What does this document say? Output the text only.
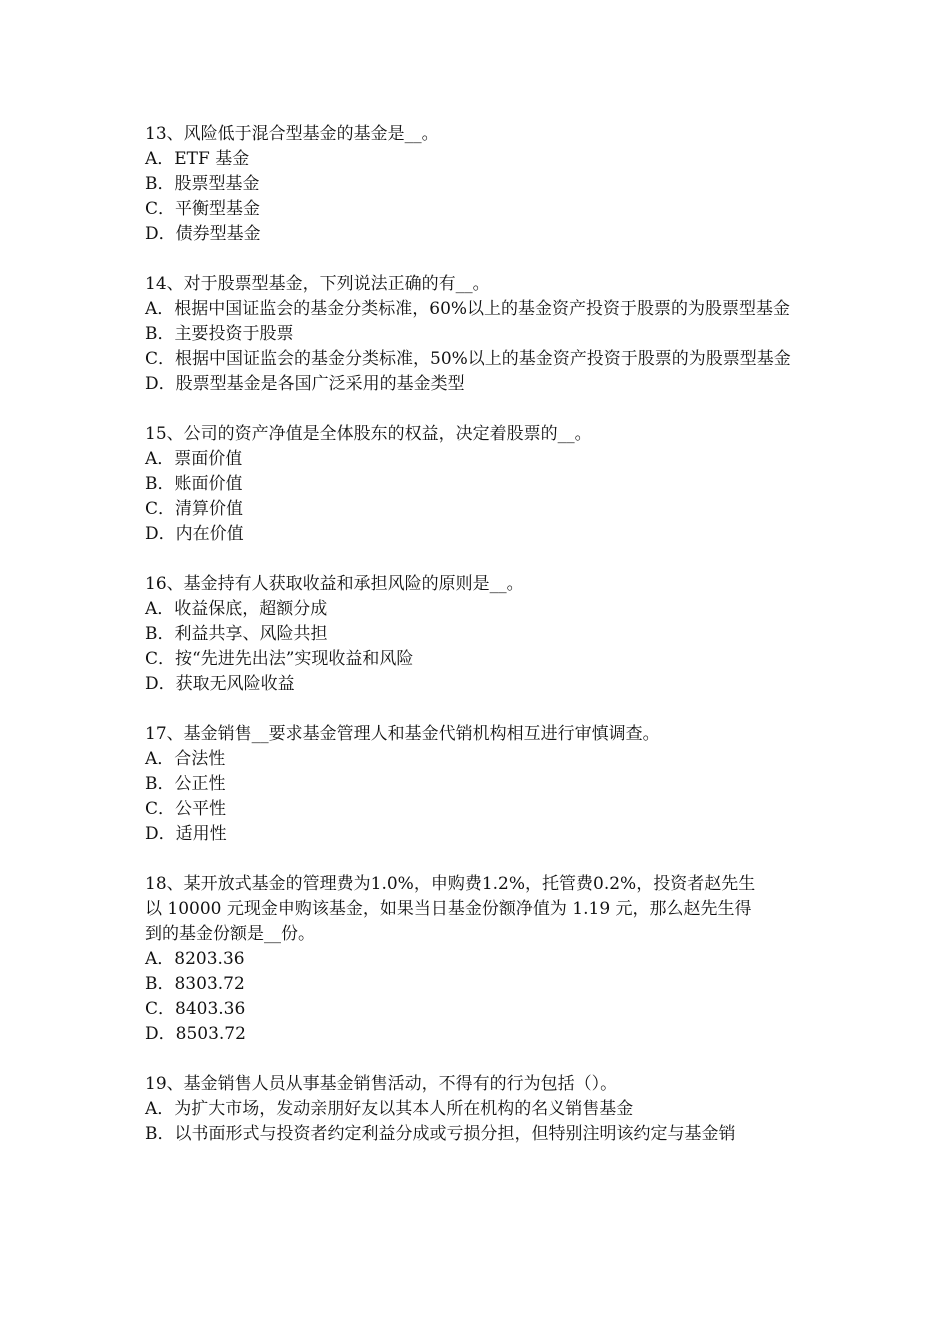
13、风险低于混合型基金的基金是__。
A．ETF 基金
B．股票型基金
C．平衡型基金
D．债券型基金
14、对于股票型基金，下列说法正确的有__。
A．根据中国证监会的基金分类标准，60%以上的基金资产投资于股票的为股票型基金
B．主要投资于股票
C．根据中国证监会的基金分类标准，50%以上的基金资产投资于股票的为股票型基金
D．股票型基金是各国广泛采用的基金类型
15、公司的资产净值是全体股东的权益，决定着股票的__。
A．票面价值
B．账面价值
C．清算价值
D．内在价值
16、基金持有人获取收益和承担风险的原则是__。
A．收益保底，超额分成
B．利益共享、风险共担
C．按“先进先出法”实现收益和风险
D．获取无风险收益
17、基金销售__要求基金管理人和基金代销机构相互进行审慎调查。
A．合法性
B．公正性
C．公平性
D．适用性
18、某开放式基金的管理费为1.0%，申购费1.2%，托管费0.2%，投资者赵先生
以 10000 元现金申购该基金，如果当日基金份额净值为 1.19 元，那么赵先生得
到的基金份额是__份。
A．8203.36
B．8303.72
C．8403.36
D．8503.72
19、基金销售人员从事基金销售活动，不得有的行为包括（）。
A．为扩大市场，发动亲朋好友以其本人所在机构的名义销售基金
B．以书面形式与投资者约定利益分成或亏损分担，但特别注明该约定与基金销
